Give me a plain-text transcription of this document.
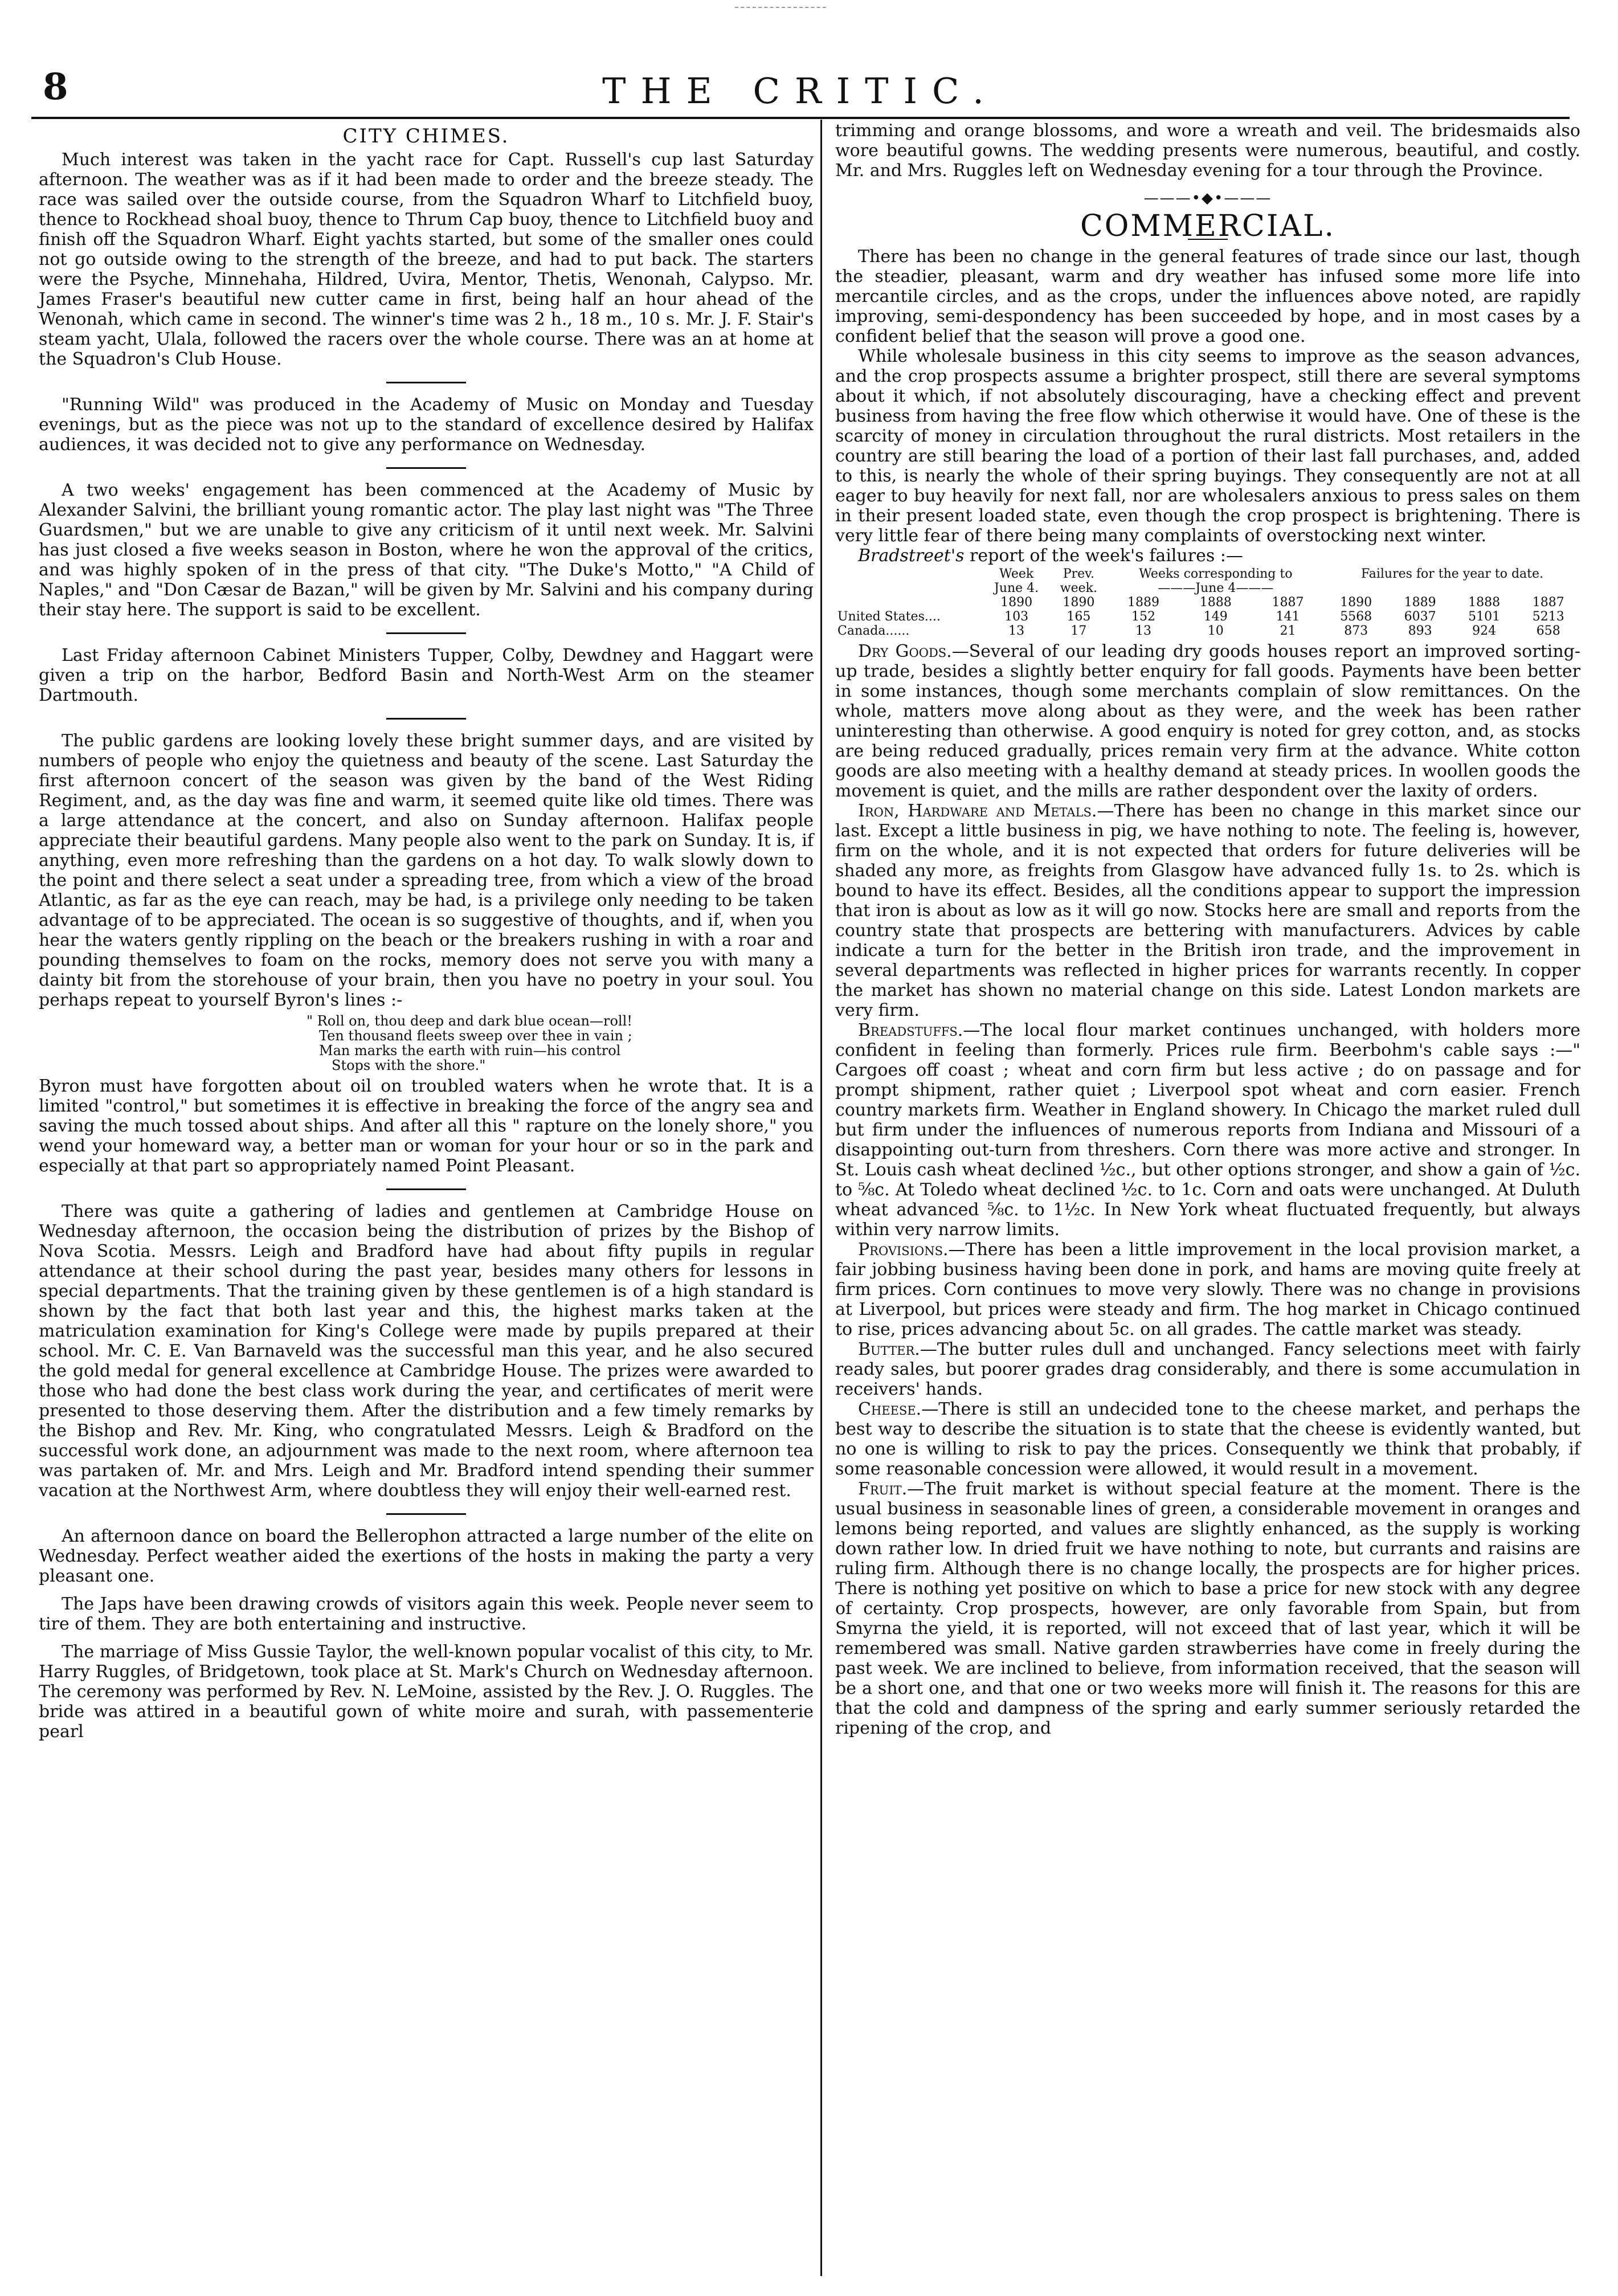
8	THE CRITIC.
CITY CHIMES.

Much interest was taken in the yacht race for Capt. Russell's cup last Saturday afternoon. The weather was as if it had been made to order and the breeze steady. The race was sailed over the outside course, from the Squadron Wharf to Litchfield buoy, thence to Rockhead shoal buoy, thence to Thrum Cap buoy, thence to Litchfield buoy and finish off the Squadron Wharf. Eight yachts started, but some of the smaller ones could not go outside owing to the strength of the breeze, and had to put back. The starters were the Psyche, Minnehaha, Hildred, Uvira, Mentor, Thetis, Wenonah, Calypso. Mr. James Fraser's beautiful new cutter came in first, being half an hour ahead of the Wenonah, which came in second. The winner's time was 2 h., 18 m., 10 s. Mr. J. F. Stair's steam yacht, Ulala, followed the racers over the whole course. There was an at home at the Squadron's Club House.

"Running Wild" was produced in the Academy of Music on Monday and Tuesday evenings, but as the piece was not up to the standard of excellence desired by Halifax audiences, it was decided not to give any performance on Wednesday.

A two weeks' engagement has been commenced at the Academy of Music by Alexander Salvini, the brilliant young romantic actor. The play last night was "The Three Guardsmen," but we are unable to give any criticism of it until next week. Mr. Salvini has just closed a five weeks season in Boston, where he won the approval of the critics, and was highly spoken of in the press of that city. "The Duke's Motto," "A Child of Naples," and "Don Cæsar de Bazan," will be given by Mr. Salvini and his company during their stay here. The support is said to be excellent.

Last Friday afternoon Cabinet Ministers Tupper, Colby, Dewdney and Haggart were given a trip on the harbor, Bedford Basin and North-West Arm on the steamer Dartmouth.

The public gardens are looking lovely these bright summer days, and are visited by numbers of people who enjoy the quietness and beauty of the scene. Last Saturday the first afternoon concert of the season was given by the band of the West Riding Regiment, and, as the day was fine and warm, it seemed quite like old times. There was a large attendance at the concert, and also on Sunday afternoon. Halifax people appreciate their beautiful gardens. Many people also went to the park on Sunday. It is, if anything, even more refreshing than the gardens on a hot day. To walk slowly down to the point and there select a seat under a spreading tree, from which a view of the broad Atlantic, as far as the eye can reach, may be had, is a privilege only needing to be taken advantage of to be appreciated. The ocean is so suggestive of thoughts, and if, when you hear the waters gently rippling on the beach or the breakers rushing in with a roar and pounding themselves to foam on the rocks, memory does not serve you with many a dainty bit from the storehouse of your brain, then you have no poetry in your soul. You perhaps repeat to yourself Byron's lines :-

" Roll on, thou deep and dark blue ocean—roll!
Ten thousand fleets sweep over thee in vain ;
Man marks the earth with ruin—his control
Stops with the shore."

Byron must have forgotten about oil on troubled waters when he wrote that. It is a limited "control," but sometimes it is effective in breaking the force of the angry sea and saving the much tossed about ships. And after all this " rapture on the lonely shore," you wend your homeward way, a better man or woman for your hour or so in the park and especially at that part so appropriately named Point Pleasant.

There was quite a gathering of ladies and gentlemen at Cambridge House on Wednesday afternoon, the occasion being the distribution of prizes by the Bishop of Nova Scotia. Messrs. Leigh and Bradford have had about fifty pupils in regular attendance at their school during the past year, besides many others for lessons in special departments. That the training given by these gentlemen is of a high standard is shown by the fact that both last year and this, the highest marks taken at the matriculation examination for King's College were made by pupils prepared at their school. Mr. C. E. Van Barnaveld was the successful man this year, and he also secured the gold medal for general excellence at Cambridge House. The prizes were awarded to those who had done the best class work during the year, and certificates of merit were presented to those deserving them. After the distribution and a few timely remarks by the Bishop and Rev. Mr. King, who congratulated Messrs. Leigh & Bradford on the successful work done, an adjournment was made to the next room, where afternoon tea was partaken of. Mr. and Mrs. Leigh and Mr. Bradford intend spending their summer vacation at the Northwest Arm, where doubtless they will enjoy their well-earned rest.

An afternoon dance on board the Bellerophon attracted a large number of the elite on Wednesday. Perfect weather aided the exertions of the hosts in making the party a very pleasant one.

The Japs have been drawing crowds of visitors again this week. People never seem to tire of them. They are both entertaining and instructive.

The marriage of Miss Gussie Taylor, the well-known popular vocalist of this city, to Mr. Harry Ruggles, of Bridgetown, took place at St. Mark's Church on Wednesday afternoon. The ceremony was performed by Rev. N. LeMoine, assisted by the Rev. J. O. Ruggles. The bride was attired in a beautiful gown of white moire and surah, with passementerie pearl

trimming and orange blossoms, and wore a wreath and veil. The bridesmaids also wore beautiful gowns. The wedding presents were numerous, beautiful, and costly. Mr. and Mrs. Ruggles left on Wednesday evening for a tour through the Province.

———•◆•———
COMMERCIAL.

There has been no change in the general features of trade since our last, though the steadier, pleasant, warm and dry weather has infused some more life into mercantile circles, and as the crops, under the influences above noted, are rapidly improving, semi-despondency has been succeeded by hope, and in most cases by a confident belief that the season will prove a good one.

While wholesale business in this city seems to improve as the season advances, and the crop prospects assume a brighter prospect, still there are several symptoms about it which, if not absolutely discouraging, have a checking effect and prevent business from having the free flow which otherwise it would have. One of these is the scarcity of money in circulation throughout the rural districts. Most retailers in the country are still bearing the load of a portion of their last fall purchases, and, added to this, is nearly the whole of their spring buyings. They consequently are not at all eager to buy heavily for next fall, nor are wholesalers anxious to press sales on them in their present loaded state, even though the crop prospect is brightening. There is very little fear of there being many complaints of overstocking next winter.

Bradstreet's report of the week's failures :—

	Week	Prev.	Weeks corresponding to			Failures for the year to date.			
	June 4.	week.	———June 4———						
	1890	1890	1889	1888	1887	1890	1889	1888	1887
United States....	103	165	152	149	141	5568	6037	5101	5213
Canada......	13	17	13	10	21	873	893	924	658

Dry Goods.—Several of our leading dry goods houses report an improved sorting-up trade, besides a slightly better enquiry for fall goods. Payments have been better in some instances, though some merchants complain of slow remittances. On the whole, matters move along about as they were, and the week has been rather uninteresting than otherwise. A good enquiry is noted for grey cotton, and, as stocks are being reduced gradually, prices remain very firm at the advance. White cotton goods are also meeting with a healthy demand at steady prices. In woollen goods the movement is quiet, and the mills are rather despondent over the laxity of orders.

Iron, Hardware and Metals.—There has been no change in this market since our last. Except a little business in pig, we have nothing to note. The feeling is, however, firm on the whole, and it is not expected that orders for future deliveries will be shaded any more, as freights from Glasgow have advanced fully 1s. to 2s. which is bound to have its effect. Besides, all the conditions appear to support the impression that iron is about as low as it will go now. Stocks here are small and reports from the country state that prospects are bettering with manufacturers. Advices by cable indicate a turn for the better in the British iron trade, and the improvement in several departments was reflected in higher prices for warrants recently. In copper the market has shown no material change on this side. Latest London markets are very firm.

Breadstuffs.—The local flour market continues unchanged, with holders more confident in feeling than formerly. Prices rule firm. Beerbohm's cable says :—" Cargoes off coast ; wheat and corn firm but less active ; do on passage and for prompt shipment, rather quiet ; Liverpool spot wheat and corn easier. French country markets firm. Weather in England showery. In Chicago the market ruled dull but firm under the influences of numerous reports from Indiana and Missouri of a disappointing out-turn from threshers. Corn there was more active and stronger. In St. Louis cash wheat declined ½c., but other options stronger, and show a gain of ½c. to ⅝c. At Toledo wheat declined ½c. to 1c. Corn and oats were unchanged. At Duluth wheat advanced ⅝c. to 1½c. In New York wheat fluctuated frequently, but always within very narrow limits.

Provisions.—There has been a little improvement in the local provision market, a fair jobbing business having been done in pork, and hams are moving quite freely at firm prices. Corn continues to move very slowly. There was no change in provisions at Liverpool, but prices were steady and firm. The hog market in Chicago continued to rise, prices advancing about 5c. on all grades. The cattle market was steady.

Butter.—The butter rules dull and unchanged. Fancy selections meet with fairly ready sales, but poorer grades drag considerably, and there is some accumulation in receivers' hands.

Cheese.—There is still an undecided tone to the cheese market, and perhaps the best way to describe the situation is to state that the cheese is evidently wanted, but no one is willing to risk to pay the prices. Consequently we think that probably, if some reasonable concession were allowed, it would result in a movement.

Fruit.—The fruit market is without special feature at the moment. There is the usual business in seasonable lines of green, a considerable movement in oranges and lemons being reported, and values are slightly enhanced, as the supply is working down rather low. In dried fruit we have nothing to note, but currants and raisins are ruling firm. Although there is no change locally, the prospects are for higher prices. There is nothing yet positive on which to base a price for new stock with any degree of certainty. Crop prospects, however, are only favorable from Spain, but from Smyrna the yield, it is reported, will not exceed that of last year, which it will be remembered was small. Native garden strawberries have come in freely during the past week. We are inclined to believe, from information received, that the season will be a short one, and that one or two weeks more will finish it. The reasons for this are that the cold and dampness of the spring and early summer seriously retarded the ripening of the crop, and
